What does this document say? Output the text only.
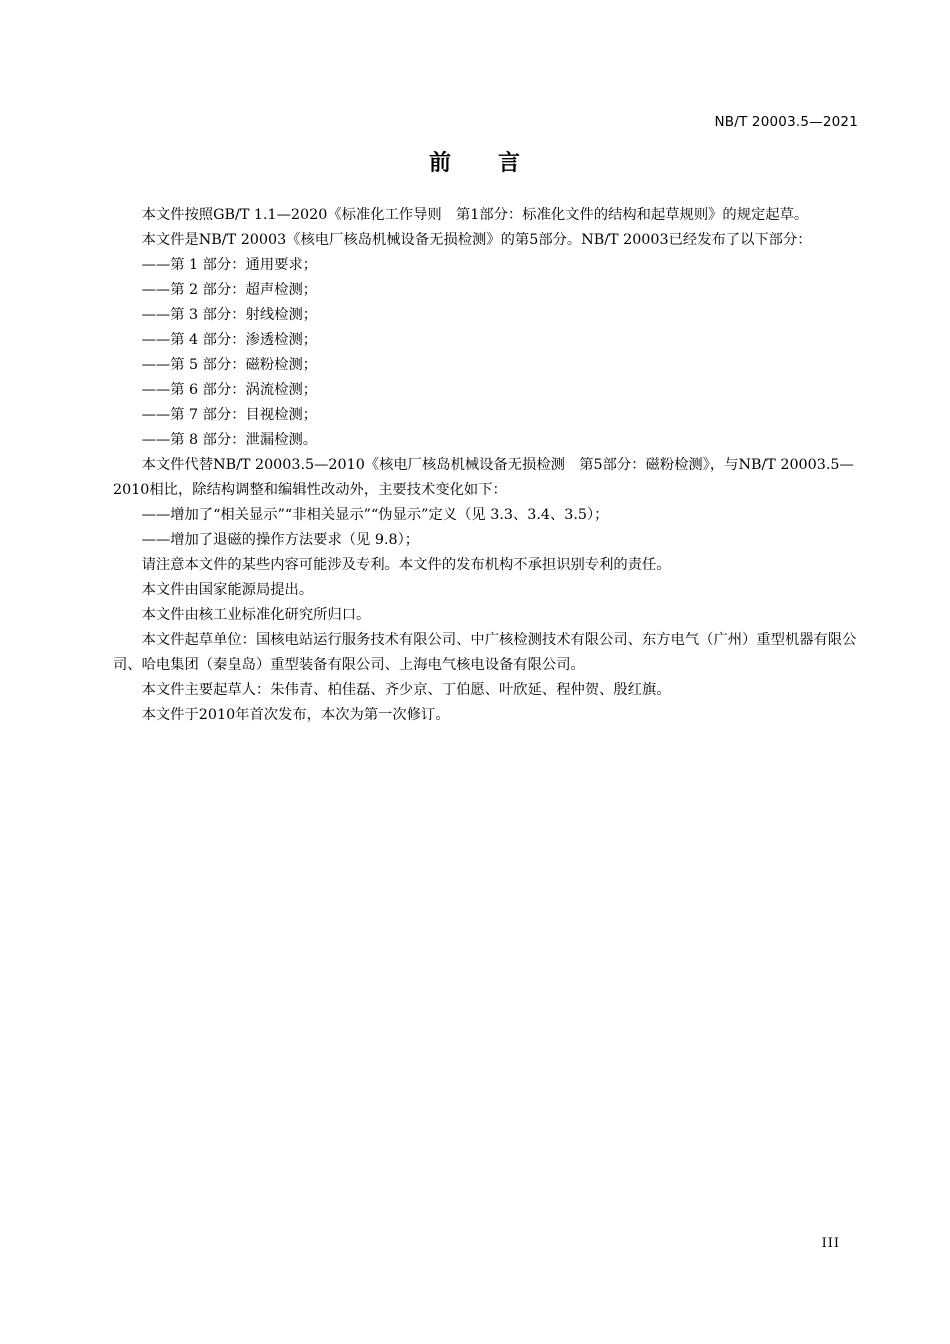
NB/T 20003.5—2021
前　　言

本文件按照GB/T 1.1—2020《标准化工作导则　第1部分：标准化文件的结构和起草规则》的规定起草。

本文件是NB/T 20003《核电厂核岛机械设备无损检测》的第5部分。NB/T 20003已经发布了以下部分：

——第 1 部分：通用要求；

——第 2 部分：超声检测；

——第 3 部分：射线检测；

——第 4 部分：渗透检测；

——第 5 部分：磁粉检测；

——第 6 部分：涡流检测；

——第 7 部分：目视检测；

——第 8 部分：泄漏检测。

本文件代替NB/T 20003.5—2010《核电厂核岛机械设备无损检测　第5部分：磁粉检测》，与NB/T 20003.5—2010相比，除结构调整和编辑性改动外，主要技术变化如下：

——增加了“相关显示”“非相关显示”“伪显示”定义（见 3.3、3.4、3.5）；

——增加了退磁的操作方法要求（见 9.8）；

请注意本文件的某些内容可能涉及专利。本文件的发布机构不承担识别专利的责任。

本文件由国家能源局提出。

本文件由核工业标准化研究所归口。

本文件起草单位：国核电站运行服务技术有限公司、中广核检测技术有限公司、东方电气（广州）重型机器有限公司、哈电集团（秦皇岛）重型装备有限公司、上海电气核电设备有限公司。

本文件主要起草人：朱伟青、柏佳磊、齐少京、丁伯愿、叶欣延、程仲贺、殷红旗。

本文件于2010年首次发布，本次为第一次修订。

III
